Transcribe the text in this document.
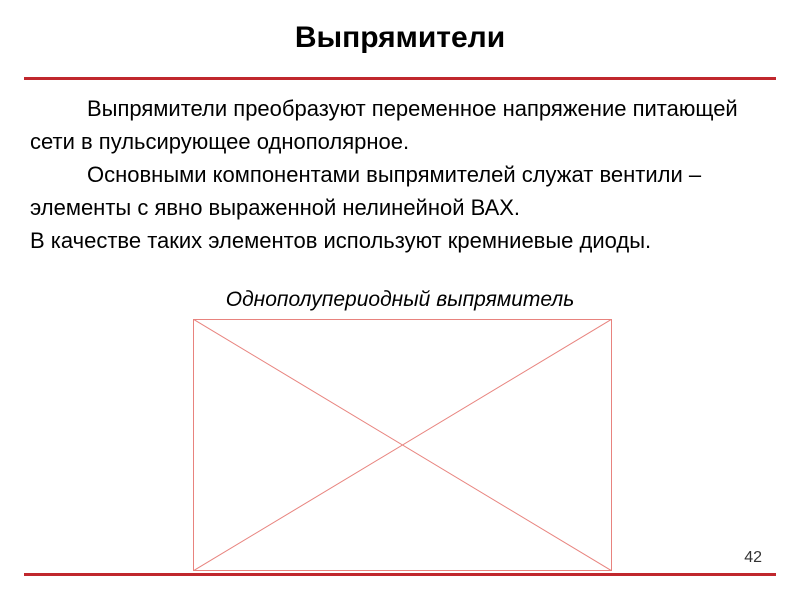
Выпрямители

Выпрямители преобразуют переменное напряжение питающей сети в пульсирующее однополярное.

Основными компонентами выпрямителей служат вентили – элементы с явно выраженной нелинейной ВАХ.

В качестве таких элементов используют кремниевые диоды.

Однополупериодный выпрямитель
42
